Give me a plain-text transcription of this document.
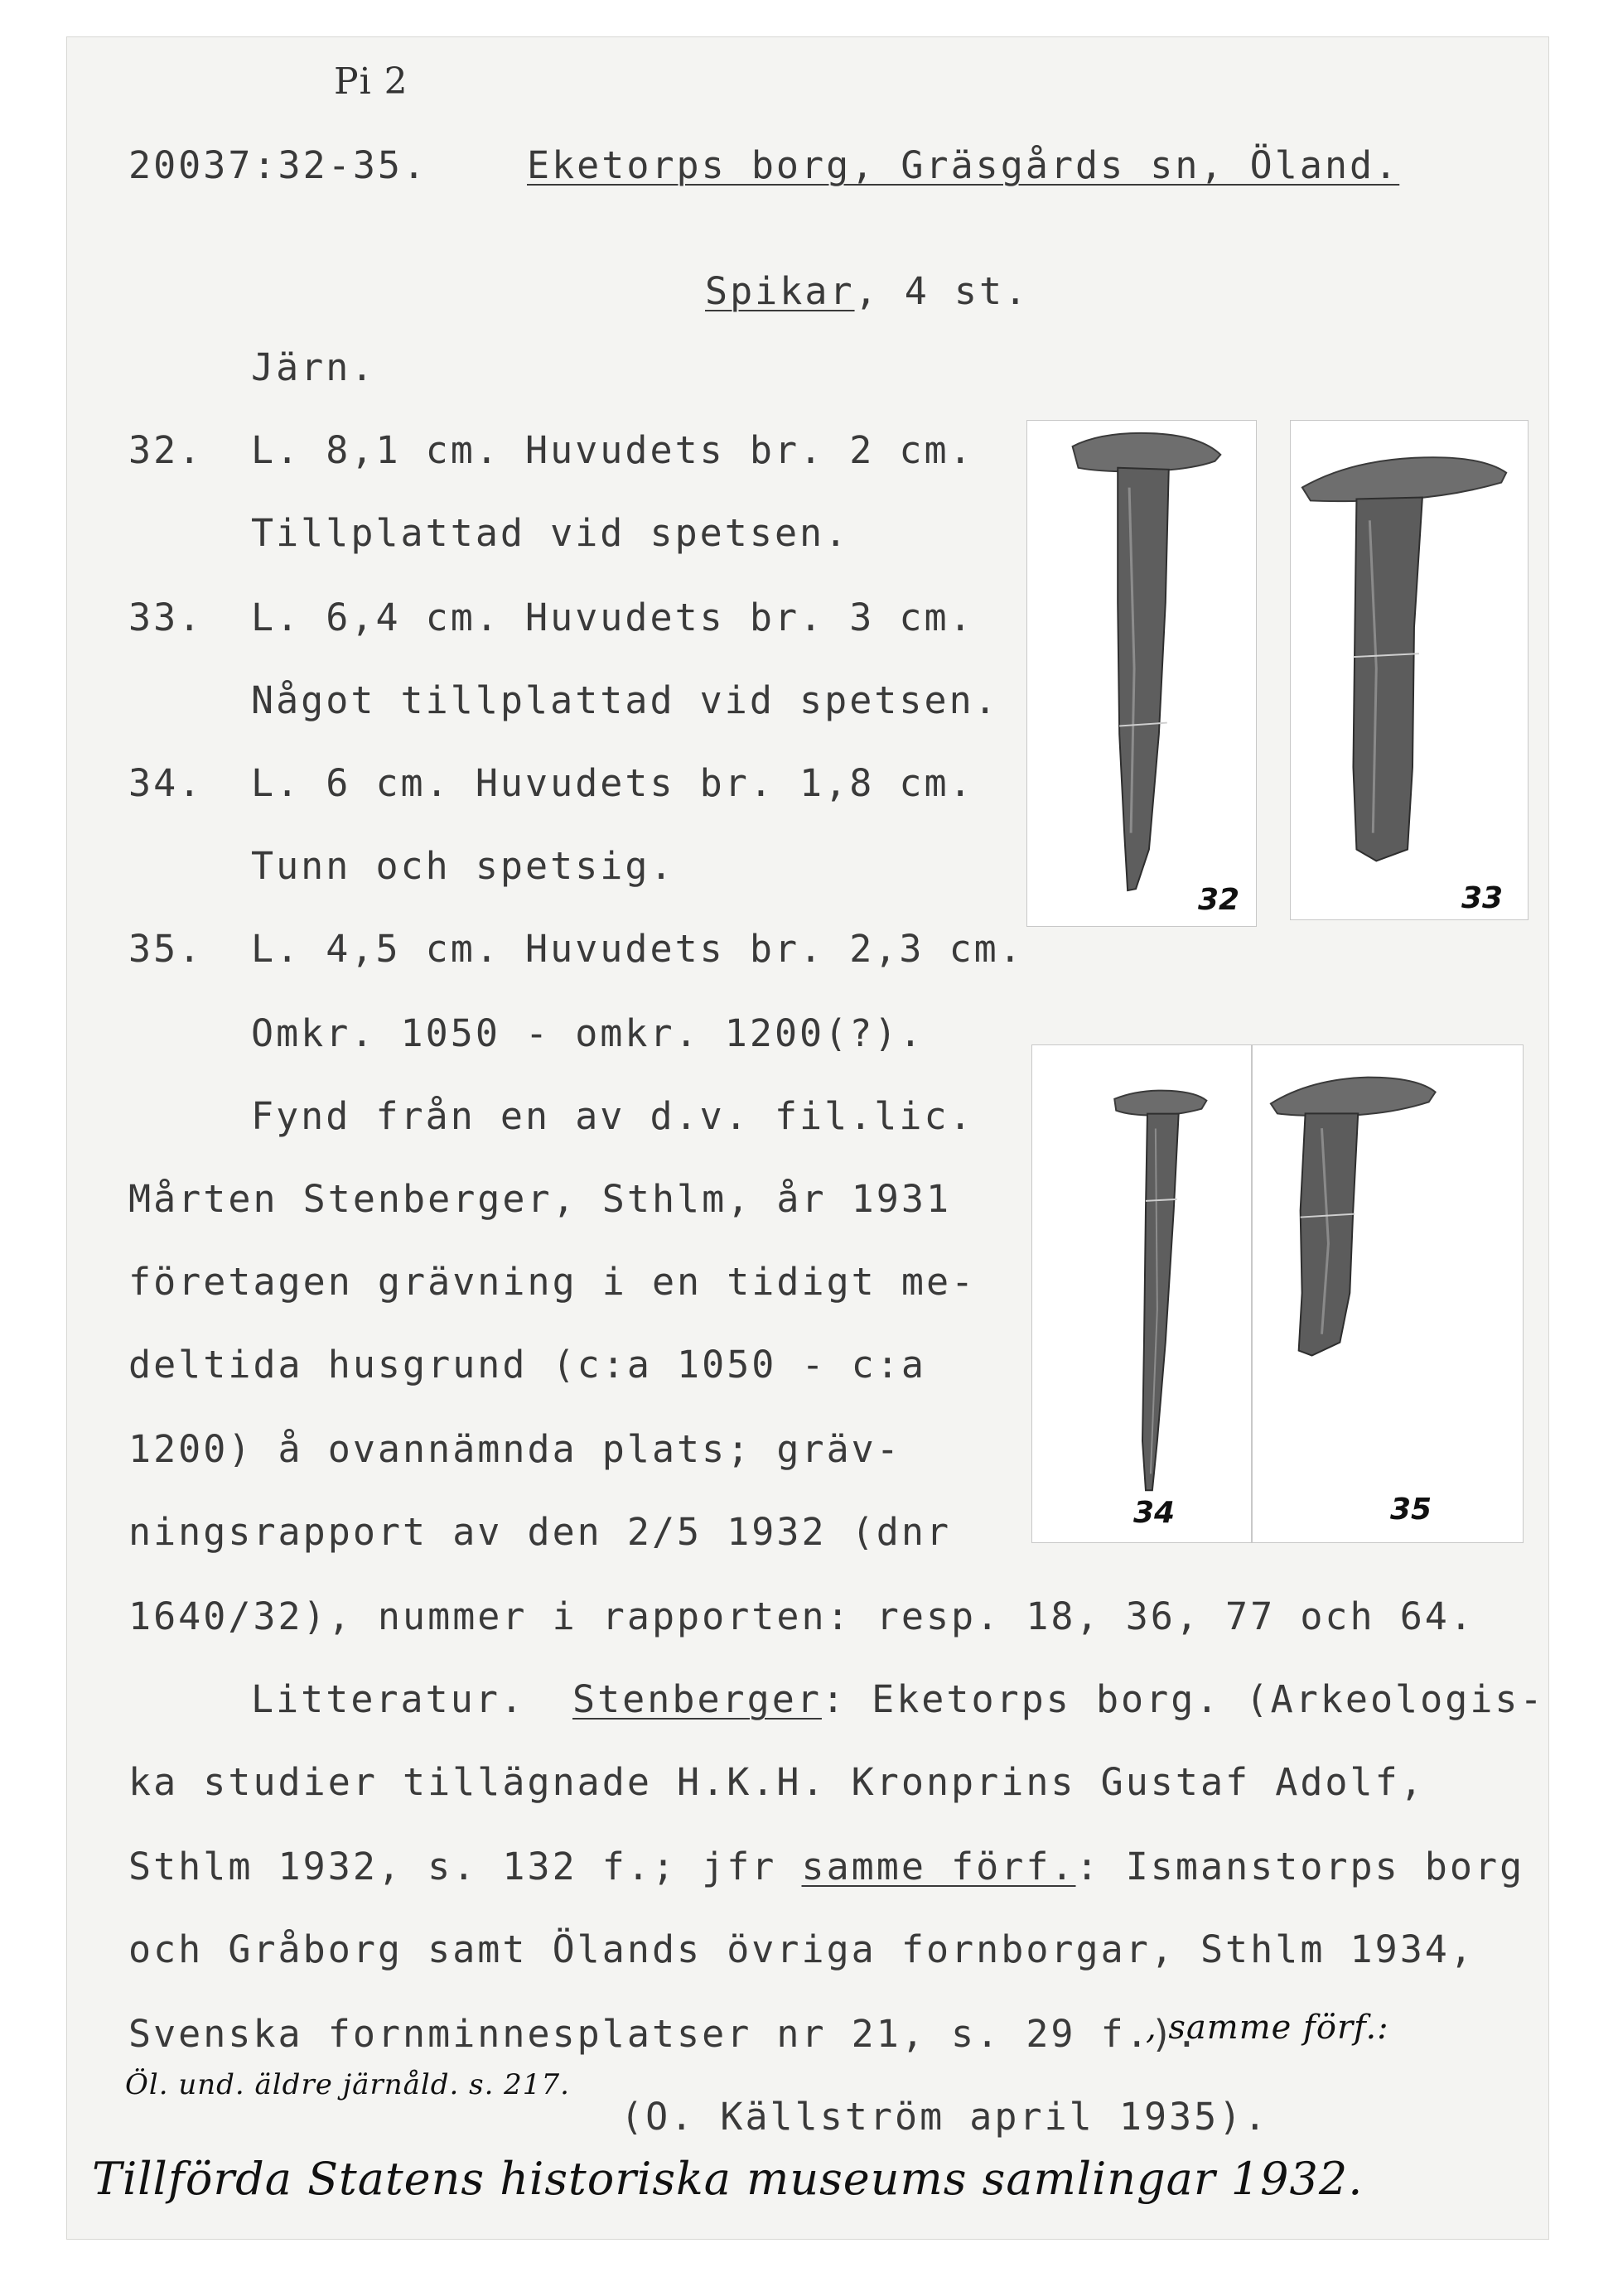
Pi 2
20037:32-35.	Eketorps borg, Gräsgårds sn, Öland.
Spikar, 4 st.
Järn.
32. L. 8,1 cm. Huvudets br. 2 cm.
Tillplattad vid spetsen.
33. L. 6,4 cm. Huvudets br. 3 cm.
Något tillplattad vid spetsen.
34. L. 6 cm. Huvudets br. 1,8 cm.
Tunn och spetsig.
35. L. 4,5 cm. Huvudets br. 2,3 cm.
Omkr. 1050 - omkr. 1200(?).
Fynd från en av d.v. fil.lic.
Mårten Stenberger, Sthlm, år 1931
företagen grävning i en tidigt me-
deltida husgrund (c:a 1050 - c:a
1200) å ovannämnda plats; gräv-
ningsrapport av den 2/5 1932 (dnr
1640/32), nummer i rapporten: resp. 18, 36, 77 och 64.
Litteratur. Stenberger: Eketorps borg. (Arkeologis-
ka studier tillägnade H.K.H. Kronprins Gustaf Adolf,
Sthlm 1932, s. 132 f.; jfr samme förf.: Ismanstorps borg
och Gråborg samt Ölands övriga fornborgar, Sthlm 1934,
Svenska fornminnesplatser nr 21, s. 29 f.).
, samme förf.:
Öl. und. äldre järnåld. s. 217.
(O. Källström april 1935).
Tillförda Statens historiska museums samlingar 1932.
32	33
34	35
